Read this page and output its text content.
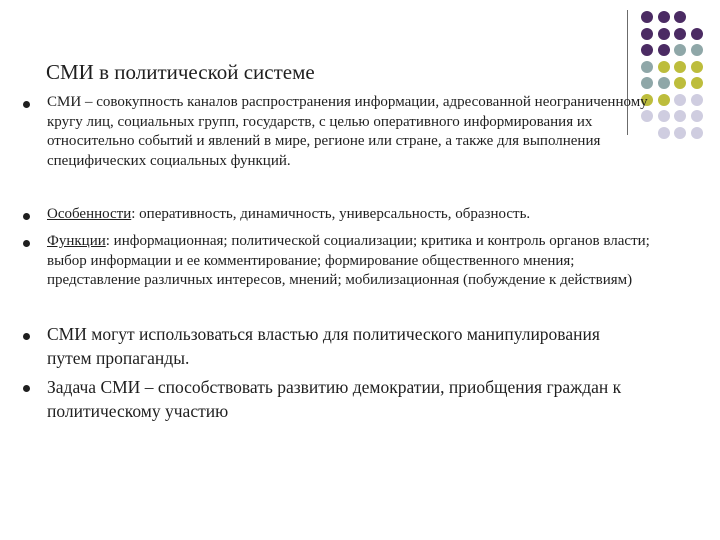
СМИ в политической системе
СМИ – совокупность каналов распространения информации, адресованной неограниченному кругу лиц, социальных групп, государств, с целью оперативного информирования их относительно событий и явлений в мире, регионе или стране, а также для выполнения специфических социальных функций.
Особенности: оперативность, динамичность, универсальность, образность.
Функции: информационная; политической социализации; критика и контроль органов власти; выбор информации и ее комментирование; формирование общественного мнения; представление различных интересов, мнений; мобилизационная (побуждение к действиям)
СМИ могут использоваться властью для политического манипулирования путем пропаганды.
Задача СМИ – способствовать развитию демократии, приобщения граждан к политическому участию
